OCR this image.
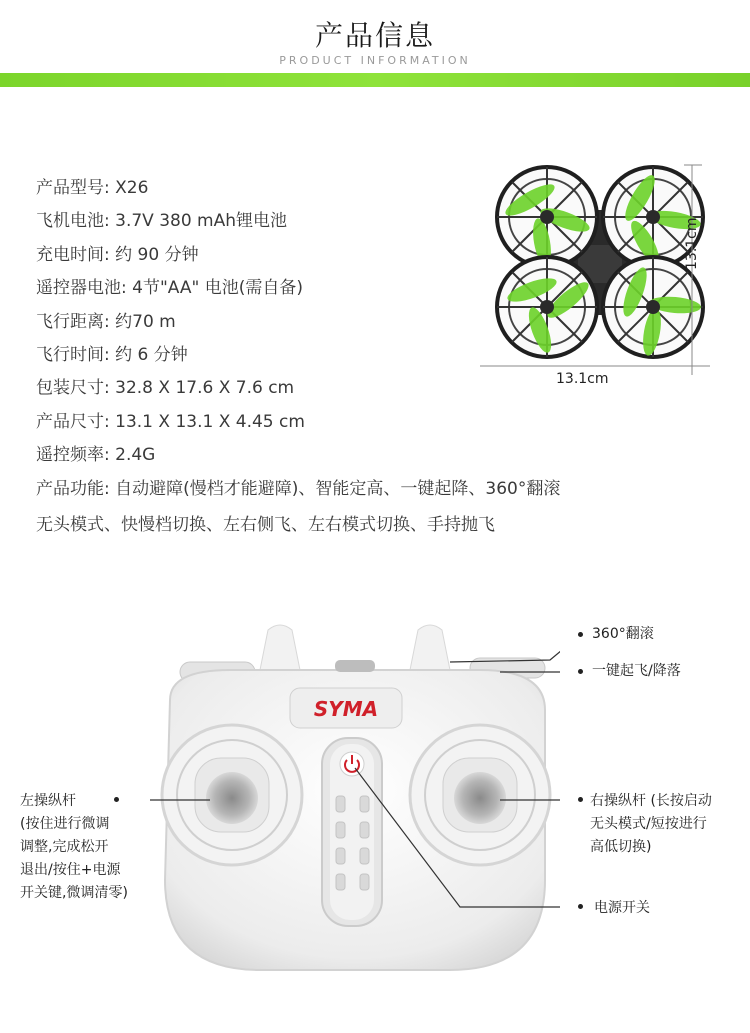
产品信息
PRODUCT INFORMATION
产品型号: X26
飞机电池: 3.7V 380 mAh锂电池
充电时间: 约 90 分钟
遥控器电池: 4节"AA" 电池(需自备)
飞行距离: 约70 m
飞行时间: 约 6 分钟
包装尺寸: 32.8 X 17.6 X 7.6 cm
产品尺寸: 13.1 X 13.1 X 4.45 cm
遥控频率: 2.4G
产品功能: 自动避障(慢档才能避障)、智能定高、一键起降、360°翻滚
无头模式、快慢档切换、左右侧飞、左右模式切换、手持抛飞
13.1cm
13.1cm
SYMA
360°翻滚
一键起飞/降落
左操纵杆
(按住进行微调
调整,完成松开
退出/按住+电源
开关键,微调清零)
右操纵杆 (长按启动
无头模式/短按进行
高低切换)
电源开关
